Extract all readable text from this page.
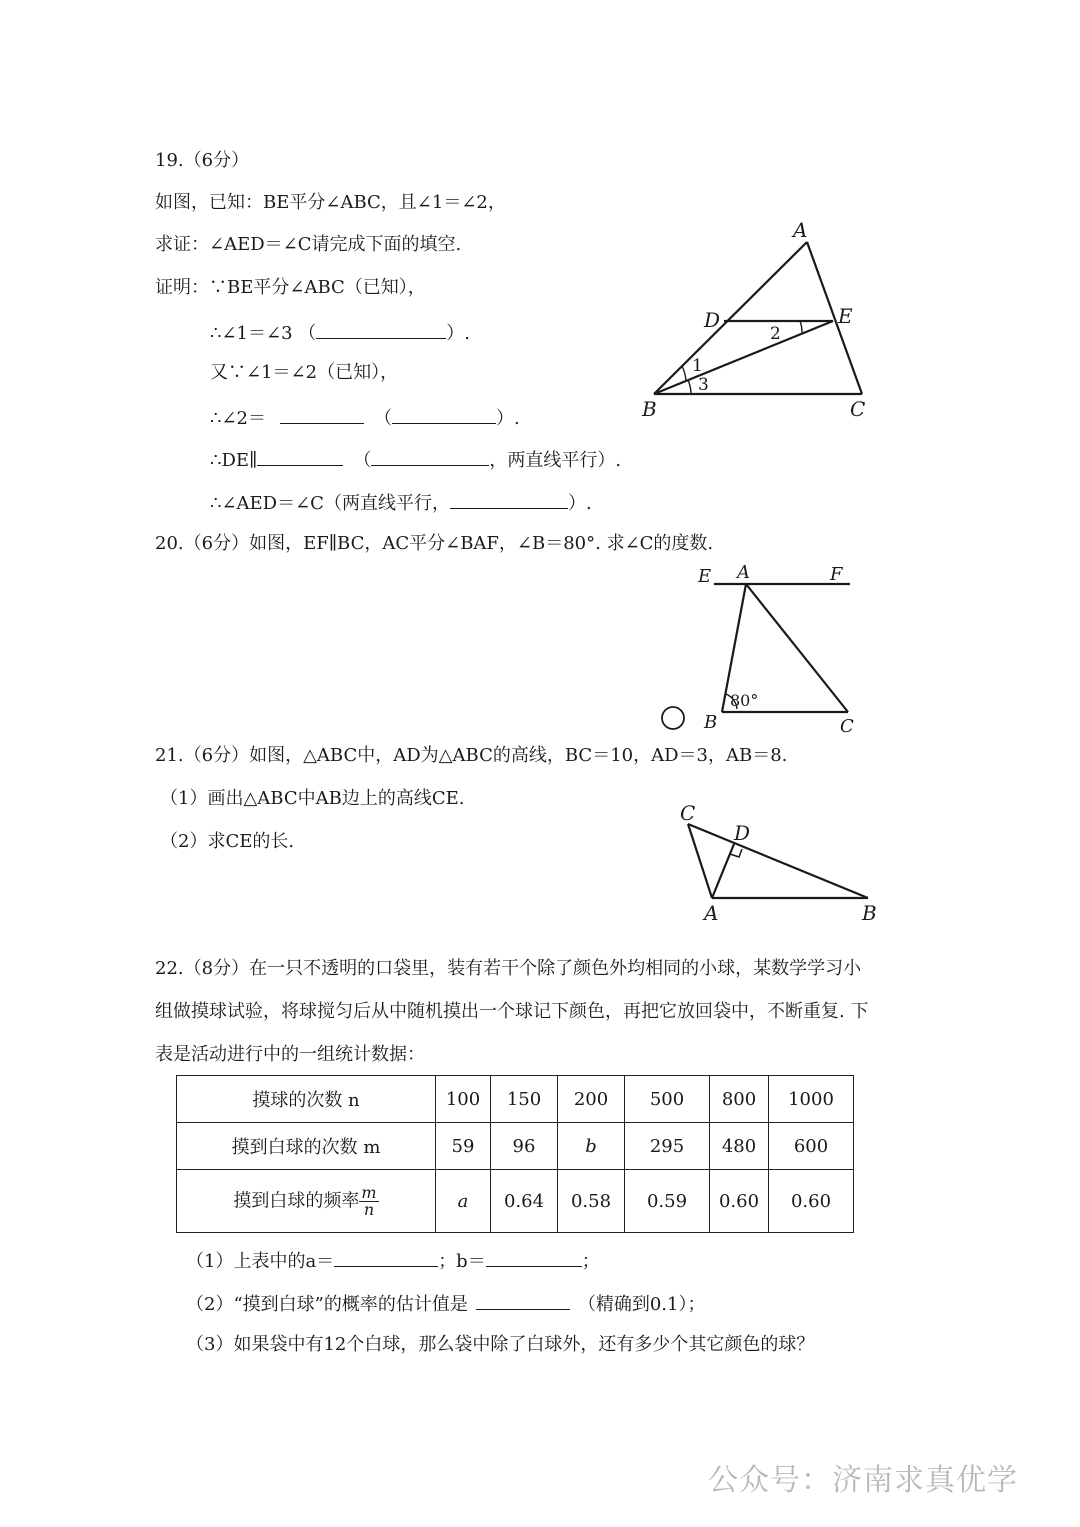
19.（6分）
如图，已知：BE平分∠ABC，且∠1＝∠2，
求证：∠AED＝∠C请完成下面的填空.
证明：∵BE平分∠ABC（已知），
∴∠1＝∠3 （	）.
又∵∠1＝∠2（已知），
∴∠2＝	（	）.
∴DE∥	（	，两直线平行）.
∴∠AED＝∠C（两直线平行，	）.
A
D	E
B	C
1
2
3
20.（6分）如图，EF∥BC，AC平分∠BAF，∠B＝80°. 求∠C的度数.
E A	F
B	C
80°
21.（6分）如图，△ABC中，AD为△ABC的高线，BC＝10，AD＝3，AB＝8.
（1）画出△ABC中AB边上的高线CE.
（2）求CE的长.
C
D
A	B
22.（8分）在一只不透明的口袋里，装有若干个除了颜色外均相同的小球，某数学学习小
组做摸球试验，将球搅匀后从中随机摸出一个球记下颜色，再把它放回袋中，不断重复. 下
表是活动进行中的一组统计数据：
摸球的次数 n	100	150	200	500	800	1000
摸到白球的次数 m	59	96	b	295	480	600
摸到白球的频率 $\frac{m}{n}$	a	0.64	0.58	0.59	0.60	0.60
（1）上表中的a＝	；b＝	；
（2）“摸到白球”的概率的估计值是	（精确到0.1）；
（3）如果袋中有12个白球，那么袋中除了白球外，还有多少个其它颜色的球？
公众号：济南求真优学
